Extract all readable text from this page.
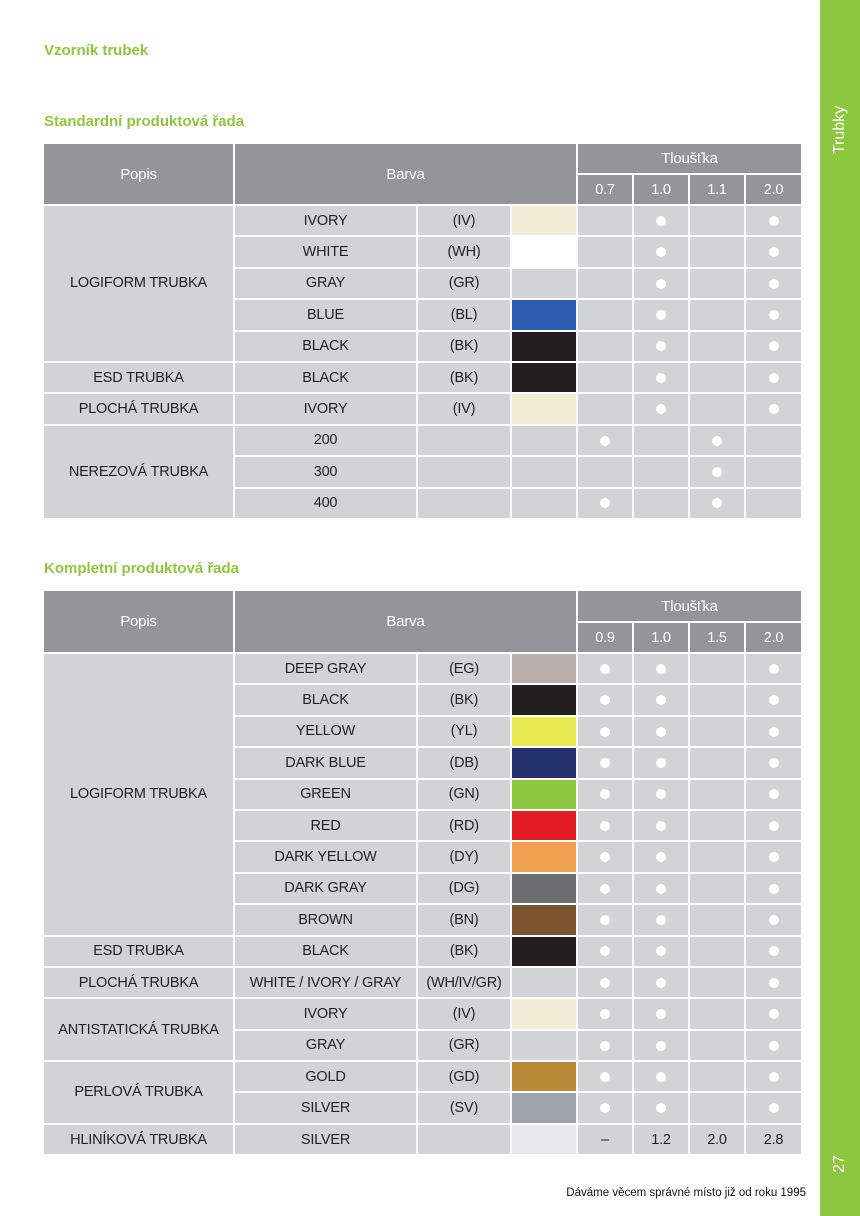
Trubky
27
Vzorník trubek
Standardní produktová řada
Popis	Barva			Tloušťka			
				0.7	1.0	1.1	2.0
LOGIFORM TRUBKA	IVORY	(IV)					
	WHITE	(WH)					
	GRAY	(GR)					
	BLUE	(BL)					
	BLACK	(BK)					
ESD TRUBKA	BLACK	(BK)					
PLOCHÁ TRUBKA	IVORY	(IV)					
NEREZOVÁ TRUBKA	200						
	300						
	400						
Kompletní produktová řada
Popis	Barva			Tloušťka			
				0.9	1.0	1.5	2.0
LOGIFORM TRUBKA	DEEP GRAY	(EG)					
	BLACK	(BK)					
	YELLOW	(YL)					
	DARK BLUE	(DB)					
	GREEN	(GN)					
	RED	(RD)					
	DARK YELLOW	(DY)					
	DARK GRAY	(DG)					
	BROWN	(BN)					
ESD TRUBKA	BLACK	(BK)					
PLOCHÁ TRUBKA	WHITE / IVORY / GRAY	(WH/IV/GR)					
ANTISTATICKÁ TRUBKA	IVORY	(IV)					
	GRAY	(GR)					
PERLOVÁ TRUBKA	GOLD	(GD)					
	SILVER	(SV)					
HLINÍKOVÁ TRUBKA	SILVER			–	1.2	2.0	2.8
Dáváme věcem správné místo již od roku 1995
